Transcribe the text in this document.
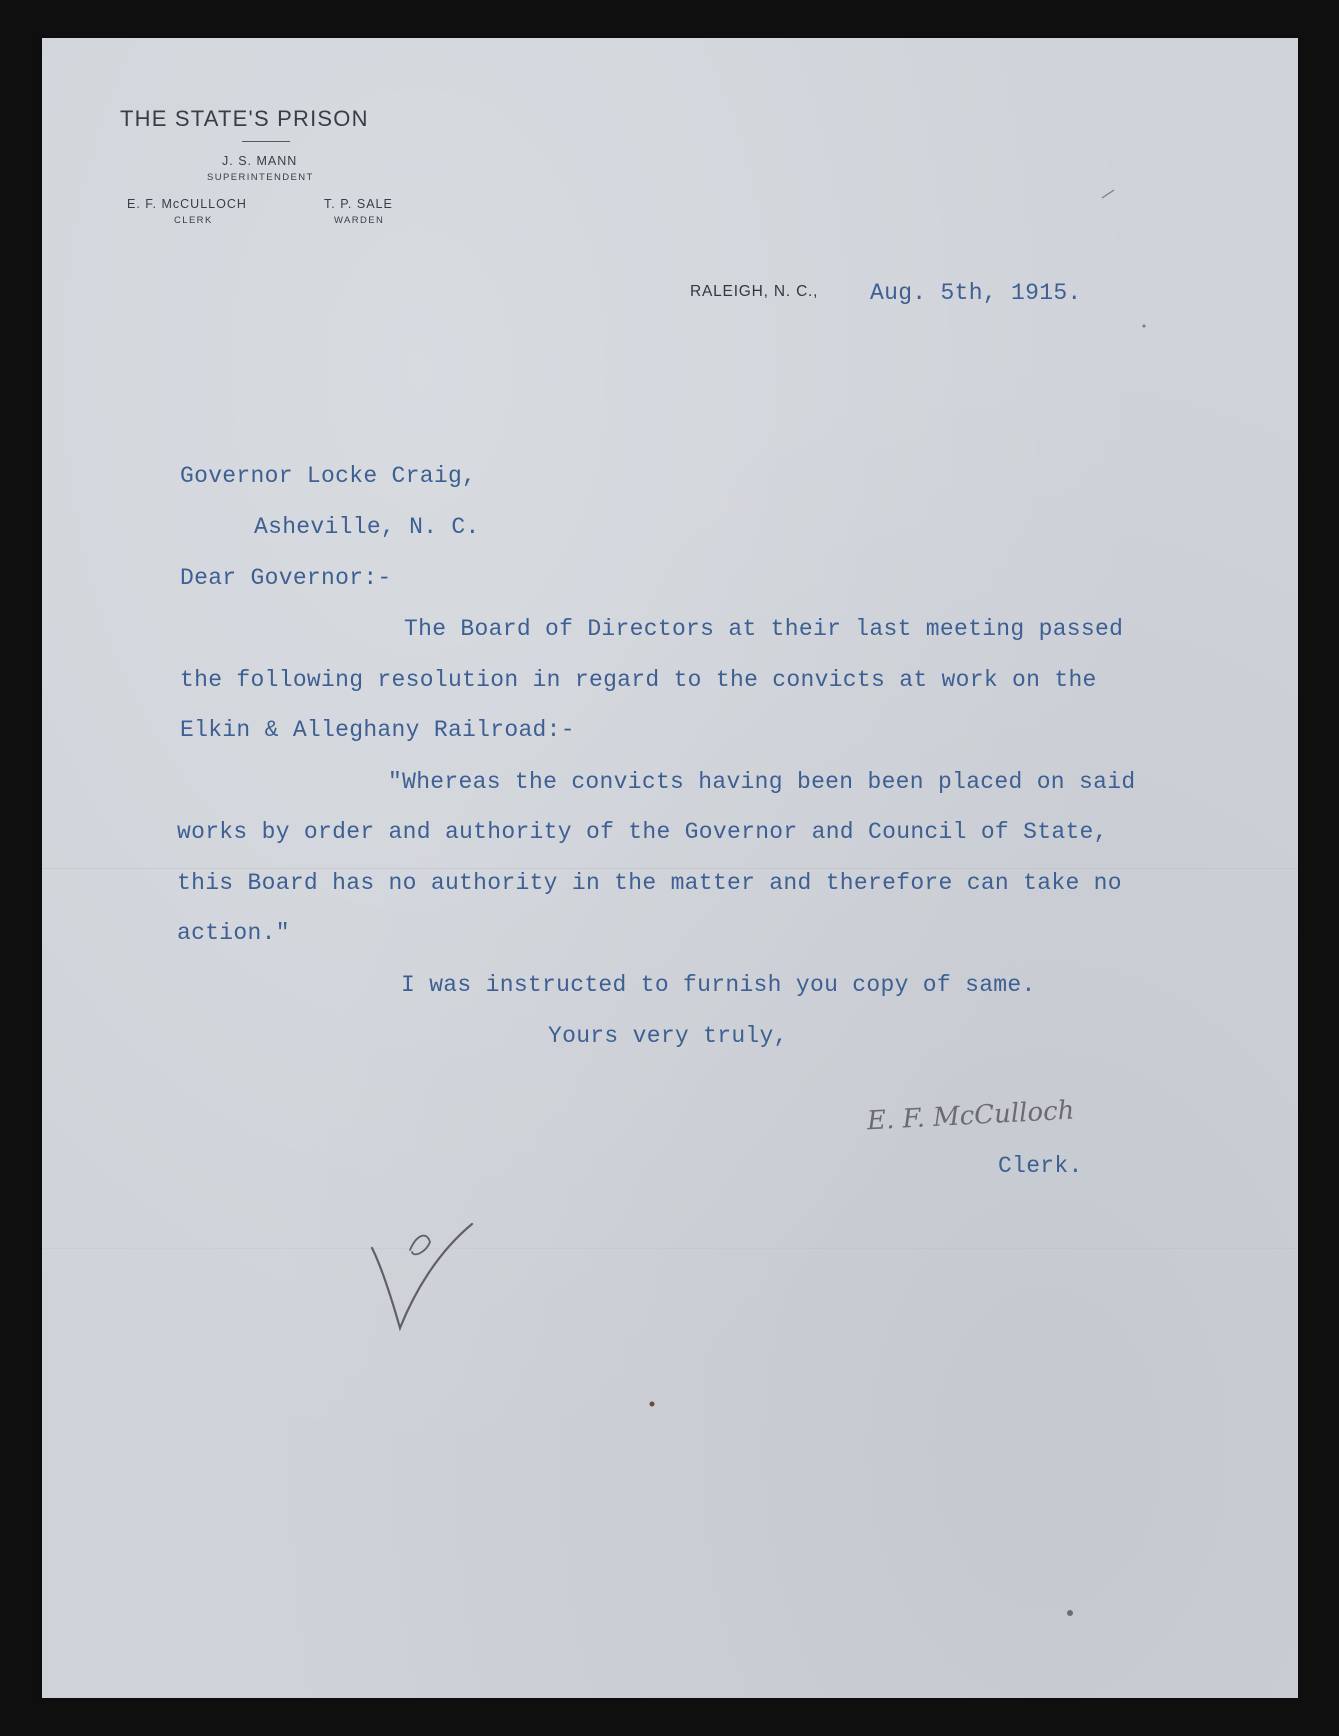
THE STATE'S PRISON
J. S. MANN
SUPERINTENDENT
E. F. McCULLOCH
CLERK
T. P. SALE
WARDEN
RALEIGH, N. C., Aug. 5th, 1915.
Governor Locke Craig,
Asheville, N. C.
Dear Governor:-
The Board of Directors at their last meeting passed
the following resolution in regard to the convicts at work on the
Elkin & Alleghany Railroad:-
"Whereas the convicts having been been placed on said
works by order and authority of the Governor and Council of State,
this Board has no authority in the matter and therefore can take no
action."
I was instructed to furnish you copy of same.
Yours very truly,
E. F. McCulloch
Clerk.
